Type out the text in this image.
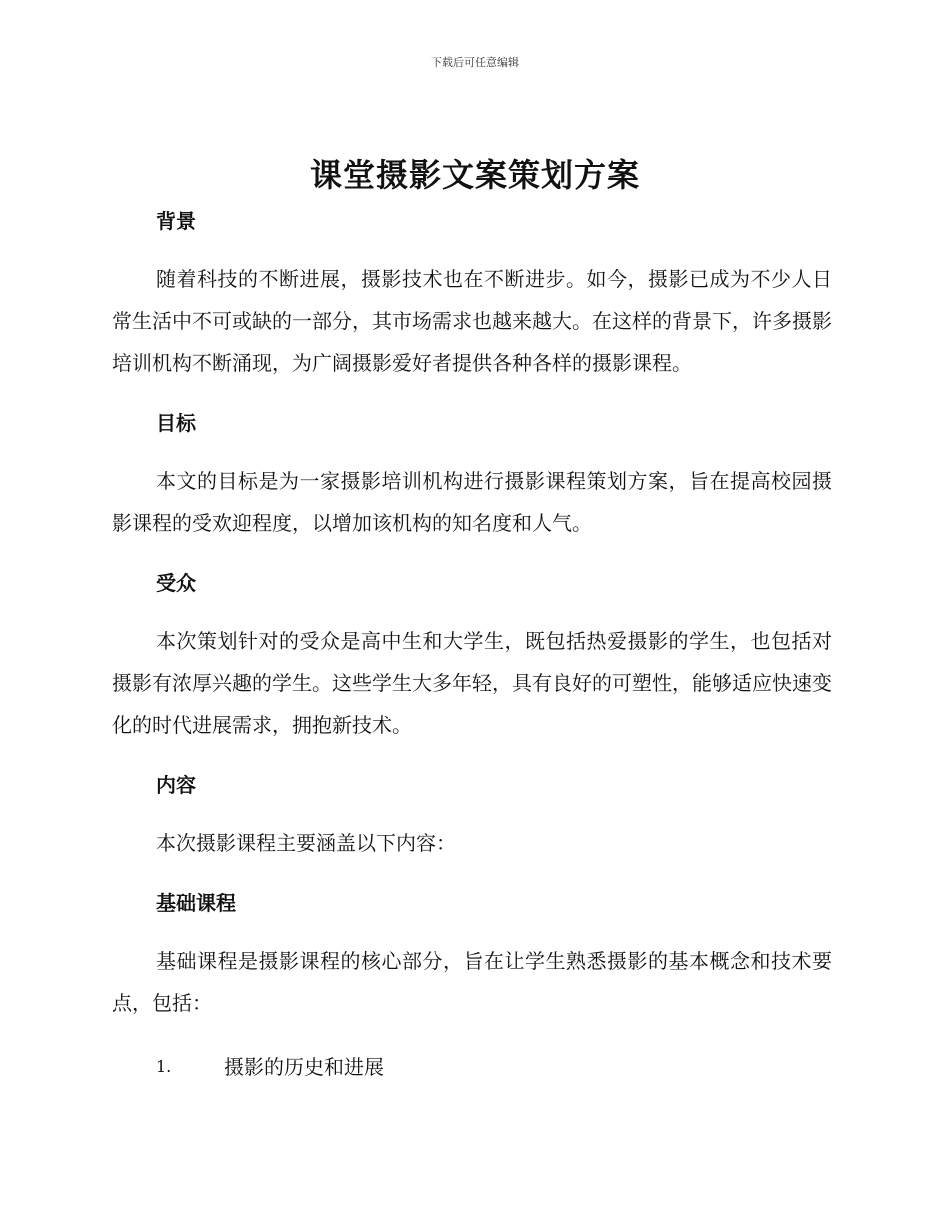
下载后可任意编辑
课堂摄影文案策划方案
背景

随着科技的不断进展，摄影技术也在不断进步。如今，摄影已成为不少人日常生活中不可或缺的一部分，其市场需求也越来越大。在这样的背景下，许多摄影培训机构不断涌现，为广阔摄影爱好者提供各种各样的摄影课程。

目标

本文的目标是为一家摄影培训机构进行摄影课程策划方案，旨在提高校园摄影课程的受欢迎程度，以增加该机构的知名度和人气。

受众

本次策划针对的受众是高中生和大学生，既包括热爱摄影的学生，也包括对摄影有浓厚兴趣的学生。这些学生大多年轻，具有良好的可塑性，能够适应快速变化的时代进展需求，拥抱新技术。

内容

本次摄影课程主要涵盖以下内容：

基础课程

基础课程是摄影课程的核心部分，旨在让学生熟悉摄影的基本概念和技术要点，包括：

1.	摄影的历史和进展
